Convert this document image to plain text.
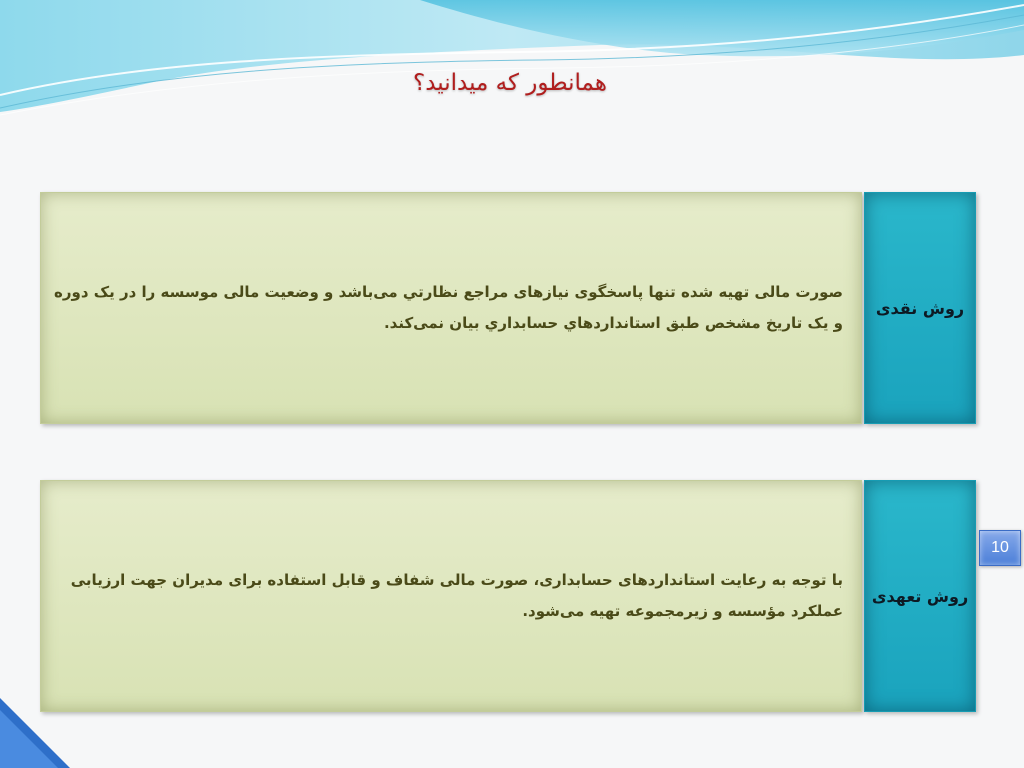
همانطور که میدانید؟
صورت مالی تهیه شده تنها پاسخگوی نیازهای مراجع نظارتي می‌باشد و وضعیت مالی موسسه را در یک دوره و یک تاریخ مشخص طبق استانداردهاي حسابداري بیان نمی‌کند.
روش نقدی
با توجه به رعایت استانداردهای حسابداری، صورت مالی شفاف و قابل استفاده برای مدیران جهت ارزیابی عملکرد مؤسسه و زیرمجموعه تهیه می‌شود.
روش تعهدی
10
